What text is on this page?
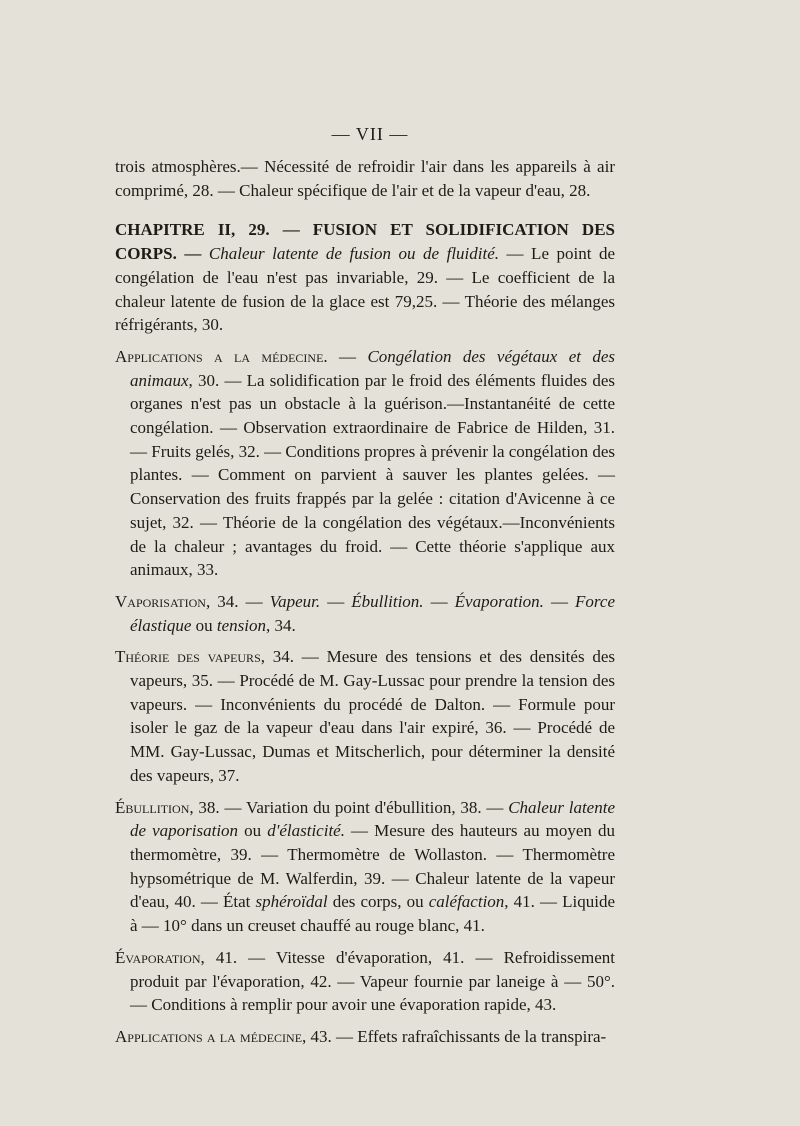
— VII —

trois atmosphères.— Nécessité de refroidir l'air dans les appareils à air comprimé, 28. — Chaleur spécifique de l'air et de la vapeur d'eau, 28.

CHAPITRE II, 29. — FUSION ET SOLIDIFICATION DES CORPS. — Chaleur latente de fusion ou de fluidité. — Le point de congélation de l'eau n'est pas invariable, 29. — Le coefficient de la chaleur latente de fusion de la glace est 79,25. — Théorie des mélanges réfrigérants, 30.

Applications a la médecine. — Congélation des végétaux et des animaux, 30. — La solidification par le froid des éléments fluides des organes n'est pas un obstacle à la guérison.—Instantanéité de cette congélation. — Observation extraordinaire de Fabrice de Hilden, 31. — Fruits gelés, 32. — Conditions propres à prévenir la congélation des plantes. — Comment on parvient à sauver les plantes gelées. — Conservation des fruits frappés par la gelée : citation d'Avicenne à ce sujet, 32. — Théorie de la congélation des végétaux.—Inconvénients de la chaleur ; avantages du froid. — Cette théorie s'applique aux animaux, 33.

Vaporisation, 34. — Vapeur. — Ébullition. — Évaporation. — Force élastique ou tension, 34.

Théorie des vapeurs, 34. — Mesure des tensions et des densités des vapeurs, 35. — Procédé de M. Gay-Lussac pour prendre la tension des vapeurs. — Inconvénients du procédé de Dalton. — Formule pour isoler le gaz de la vapeur d'eau dans l'air expiré, 36. — Procédé de MM. Gay-Lussac, Dumas et Mitscherlich, pour déterminer la densité des vapeurs, 37.

Ébullition, 38. — Variation du point d'ébullition, 38. — Chaleur latente de vaporisation ou d'élasticité. — Mesure des hauteurs au moyen du thermomètre, 39. — Thermomètre de Wollaston. — Thermomètre hypsométrique de M. Walferdin, 39. — Chaleur latente de la vapeur d'eau, 40. — État sphéroïdal des corps, ou caléfaction, 41. — Liquide à — 10° dans un creuset chauffé au rouge blanc, 41.

Évaporation, 41. — Vitesse d'évaporation, 41. — Refroidissement produit par l'évaporation, 42. — Vapeur fournie par laneige à — 50°. — Conditions à remplir pour avoir une évaporation rapide, 43.

Applications a la médecine, 43. — Effets rafraîchissants de la transpira-
